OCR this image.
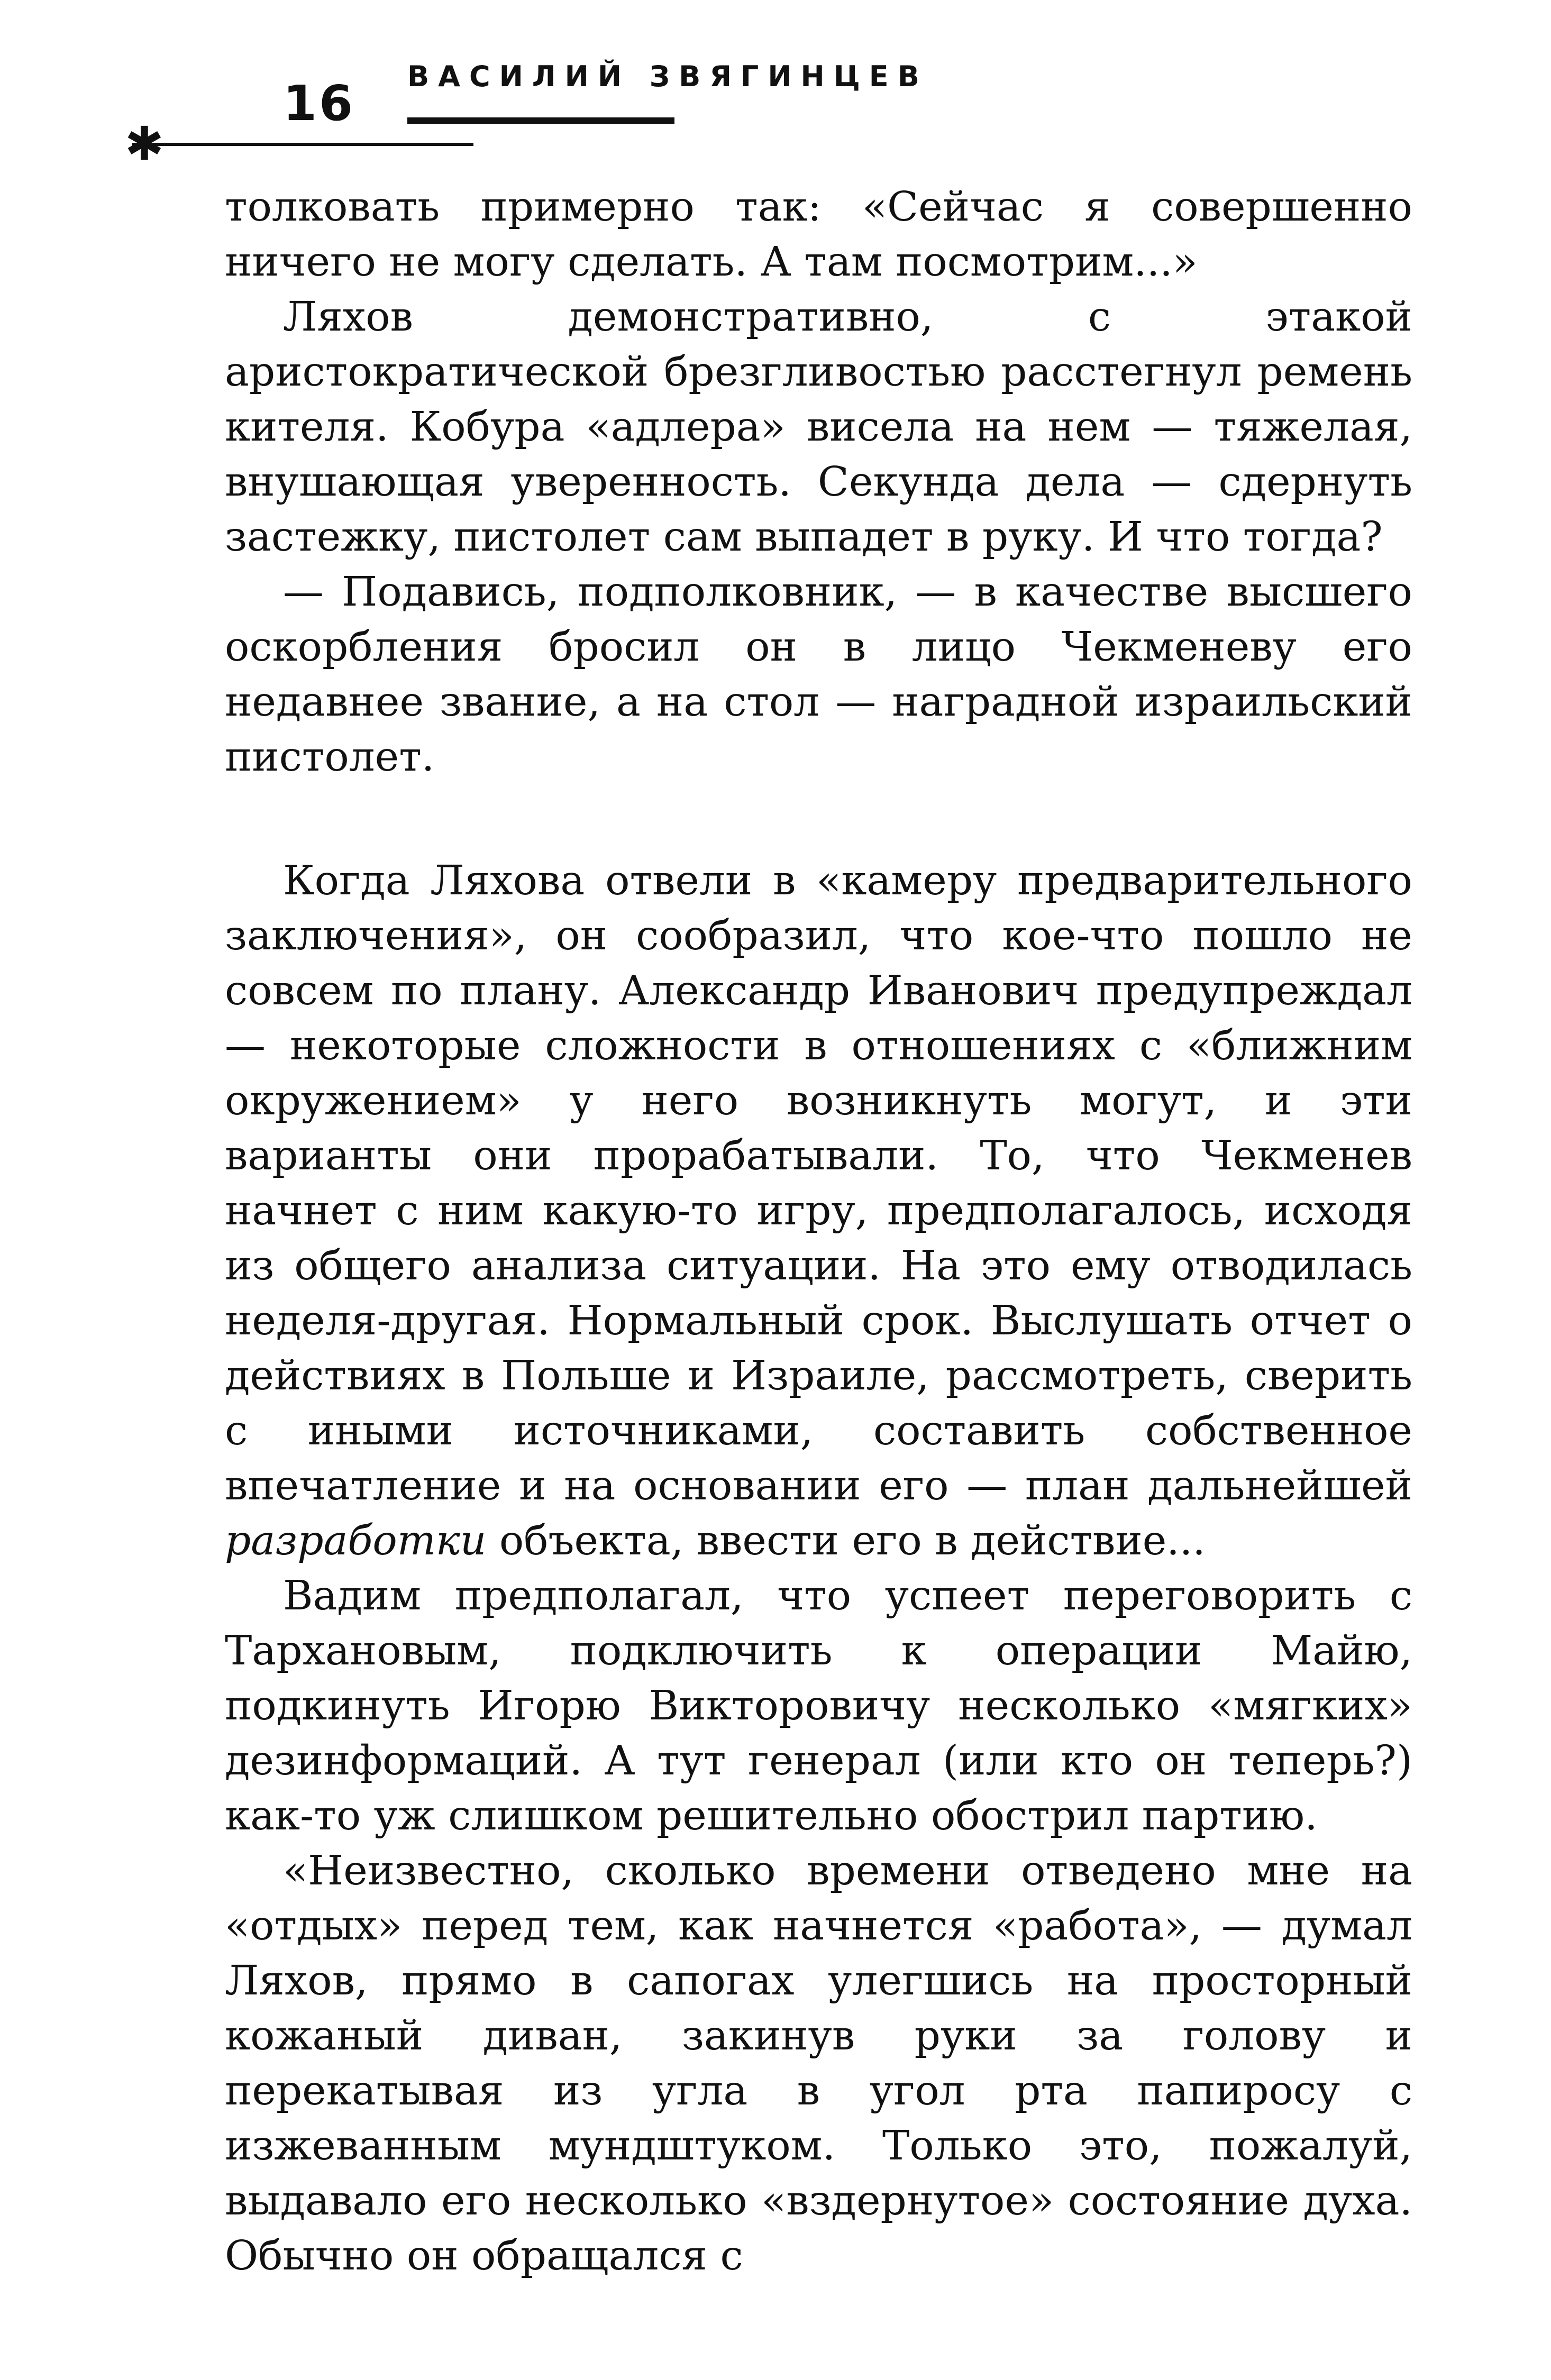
16 ВАСИЛИЙ ЗВЯГИНЦЕВ
✱

толковать примерно так: «Сейчас я совершенно ничего не могу сделать. А там посмотрим...»

Ляхов демонстративно, с этакой аристократической брезгливостью расстегнул ремень кителя. Кобура «адлера» висела на нем — тяжелая, внушающая уверенность. Секунда дела — сдернуть застежку, пистолет сам выпадет в руку. И что тогда?

— Подавись, подполковник, — в качестве высшего оскорбления бросил он в лицо Чекменеву его недавнее звание, а на стол — наградной израильский пистолет.

Когда Ляхова отвели в «камеру предварительного заключения», он сообразил, что кое-что пошло не совсем по плану. Александр Иванович предупреждал — некоторые сложности в отношениях с «ближним окружением» у него возникнуть могут, и эти варианты они прорабатывали. То, что Чекменев начнет с ним какую-то игру, предполагалось, исходя из общего анализа ситуации. На это ему отводилась неделя-другая. Нормальный срок. Выслушать отчет о действиях в Польше и Израиле, рассмотреть, сверить с иными источниками, составить собственное впечатление и на основании его — план дальнейшей разработки объекта, ввести его в действие...

Вадим предполагал, что успеет переговорить с Тархановым, подключить к операции Майю, подкинуть Игорю Викторовичу несколько «мягких» дезинформаций. А тут генерал (или кто он теперь?) как-то уж слишком решительно обострил партию.

«Неизвестно, сколько времени отведено мне на «отдых» перед тем, как начнется «работа», — думал Ляхов, прямо в сапогах улегшись на просторный кожаный диван, закинув руки за голову и перекатывая из угла в угол рта папиросу с изжеванным мундштуком. Только это, пожалуй, выдавало его несколько «вздернутое» состояние духа. Обычно он обращался с
